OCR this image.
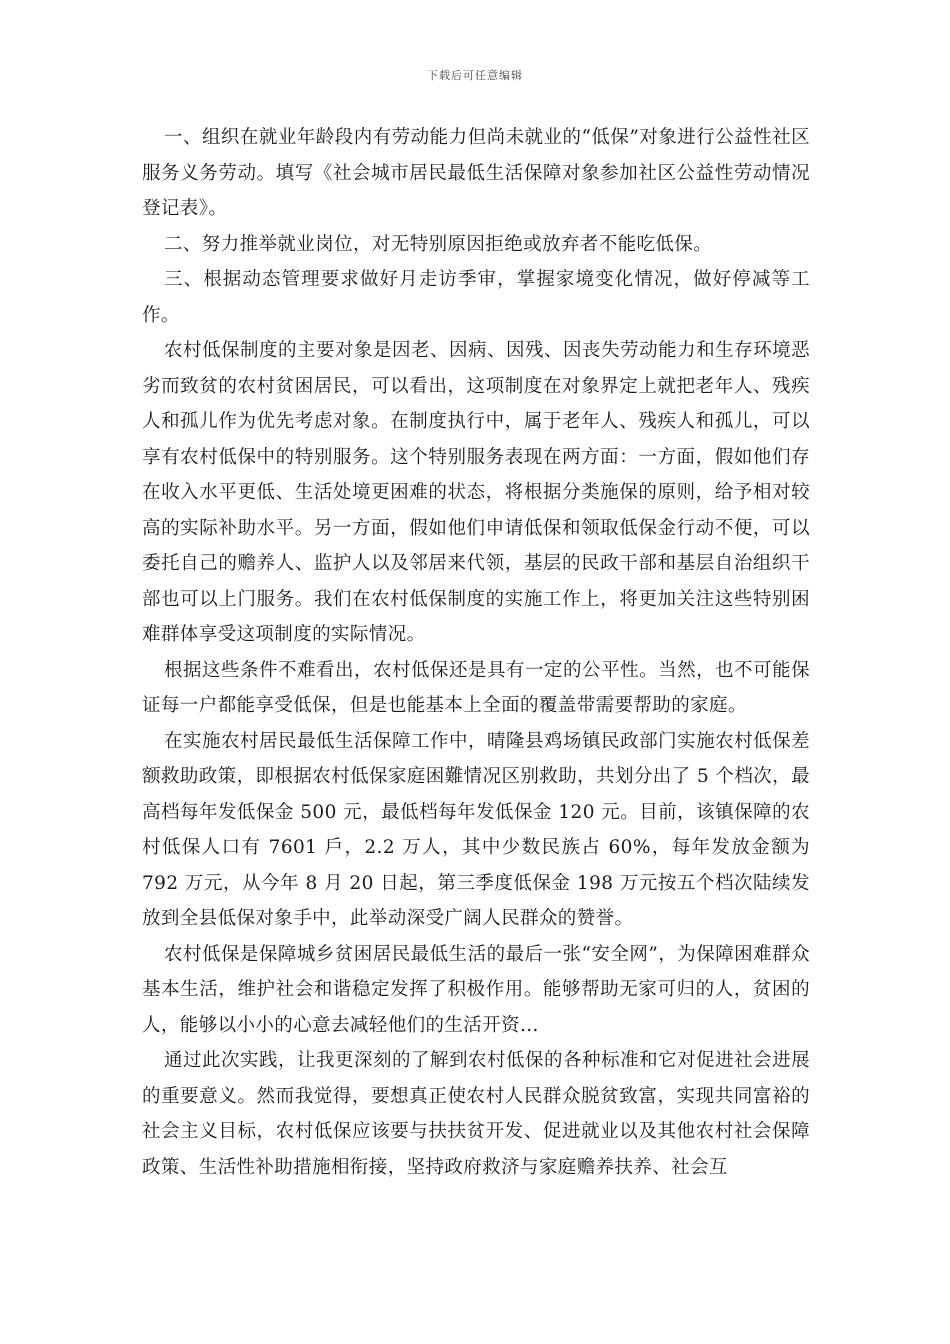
下载后可任意编辑

一、组织在就业年龄段内有劳动能力但尚未就业的“低保”对象进行公益性社区服务义务劳动。填写《社会城市居民最低生活保障对象参加社区公益性劳动情况登记表》。

二、努力推举就业岗位，对无特别原因拒绝或放弃者不能吃低保。

三、根据动态管理要求做好月走访季审，掌握家境变化情况，做好停减等工作。

农村低保制度的主要对象是因老、因病、因残、因丧失劳动能力和生存环境恶劣而致贫的农村贫困居民，可以看出，这项制度在对象界定上就把老年人、残疾人和孤儿作为优先考虑对象。在制度执行中，属于老年人、残疾人和孤儿，可以享有农村低保中的特别服务。这个特别服务表现在两方面：一方面，假如他们存在收入水平更低、生活处境更困难的状态，将根据分类施保的原则，给予相对较高的实际补助水平。另一方面，假如他们申请低保和领取低保金行动不便，可以委托自己的赡养人、监护人以及邻居来代领，基层的民政干部和基层自治组织干部也可以上门服务。我们在农村低保制度的实施工作上，将更加关注这些特别困难群体享受这项制度的实际情况。

根据这些条件不难看出，农村低保还是具有一定的公平性。当然，也不可能保证每一户都能享受低保，但是也能基本上全面的覆盖带需要帮助的家庭。

在实施农村居民最低生活保障工作中，晴隆县鸡场镇民政部门实施农村低保差额救助政策，即根据农村低保家庭困難情况区别救助，共划分出了 5 个档次，最高档每年发低保金 500 元，最低档每年发低保金 120 元。目前，该镇保障的农村低保人口有 7601 戶，2.2 万人，其中少数民族占 60%，每年发放金额为 792 万元，从今年 8 月 20 日起，第三季度低保金 198 万元按五个档次陆续发放到全县低保对象手中，此举动深受广阔人民群众的赞誉。

农村低保是保障城乡贫困居民最低生活的最后一张“安全网”，为保障困难群众基本生活，维护社会和谐稳定发挥了积极作用。能够帮助无家可归的人，贫困的人，能够以小小的心意去减轻他们的生活开资…

通过此次实践，让我更深刻的了解到农村低保的各种标准和它对促进社会进展的重要意义。然而我觉得，要想真正使农村人民群众脱贫致富，实现共同富裕的社会主义目标，农村低保应该要与扶扶贫开发、促进就业以及其他农村社会保障政策、生活性补助措施相衔接，坚持政府救济与家庭赡养扶养、社会互
